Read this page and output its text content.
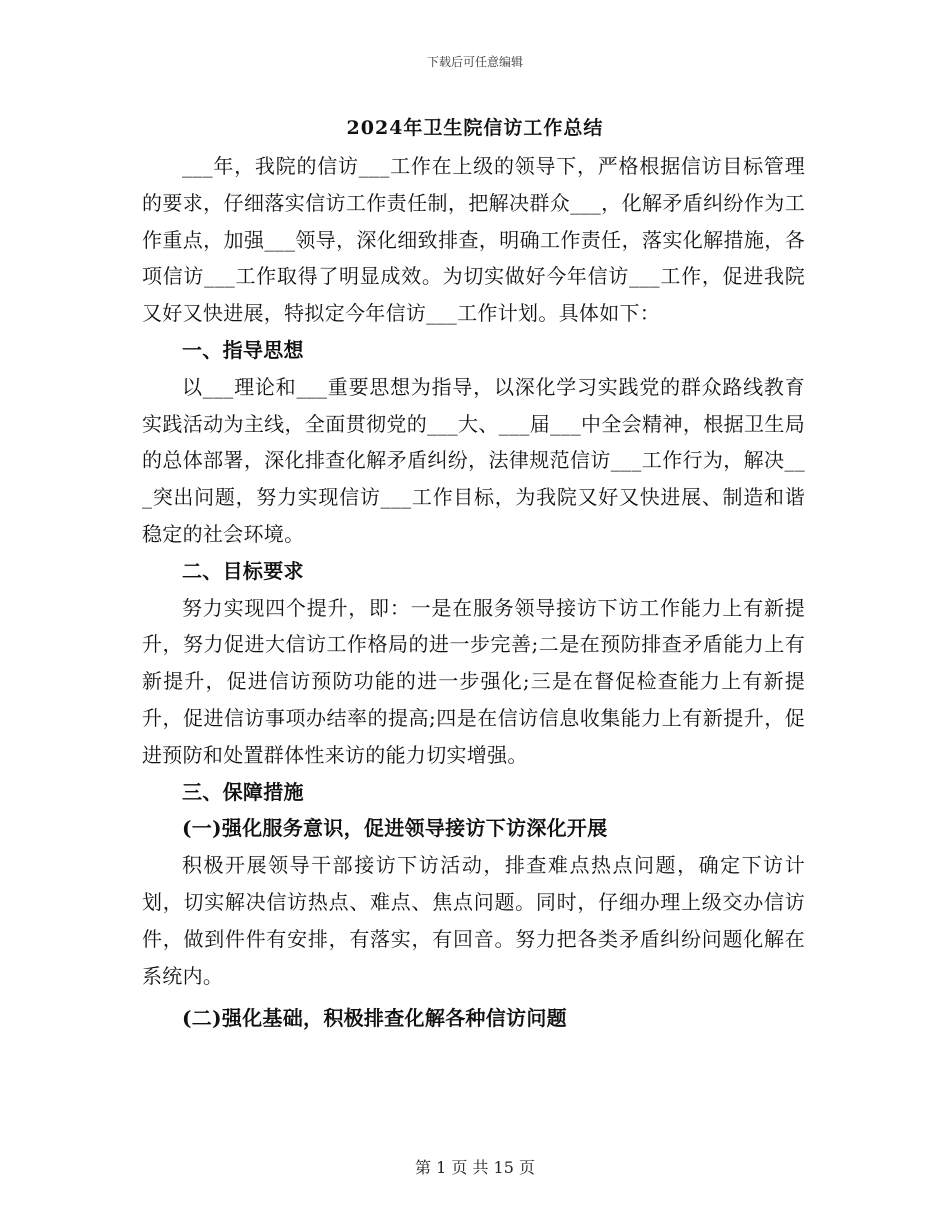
下载后可任意编辑
2024年卫生院信访工作总结

___年，我院的信访___工作在上级的领导下，严格根据信访目标管理的要求，仔细落实信访工作责任制，把解决群众___，化解矛盾纠纷作为工作重点，加强___领导，深化细致排查，明确工作责任，落实化解措施，各项信访___工作取得了明显成效。为切实做好今年信访___工作，促进我院又好又快进展，特拟定今年信访___工作计划。具体如下：

一、指导思想

以___理论和___重要思想为指导，以深化学习实践党的群众路线教育实践活动为主线，全面贯彻党的___大、___届___中全会精神，根据卫生局的总体部署，深化排查化解矛盾纠纷，法律规范信访___工作行为，解决___突出问题，努力实现信访___工作目标，为我院又好又快进展、制造和谐稳定的社会环境。

二、目标要求

努力实现四个提升，即：一是在服务领导接访下访工作能力上有新提升，努力促进大信访工作格局的进一步完善;二是在预防排查矛盾能力上有新提升，促进信访预防功能的进一步强化;三是在督促检查能力上有新提升，促进信访事项办结率的提高;四是在信访信息收集能力上有新提升，促进预防和处置群体性来访的能力切实增强。

三、保障措施

(一)强化服务意识，促进领导接访下访深化开展

积极开展领导干部接访下访活动，排查难点热点问题，确定下访计划，切实解决信访热点、难点、焦点问题。同时，仔细办理上级交办信访件，做到件件有安排，有落实，有回音。努力把各类矛盾纠纷问题化解在系统内。

(二)强化基础，积极排查化解各种信访问题

第 1 页 共 15 页
